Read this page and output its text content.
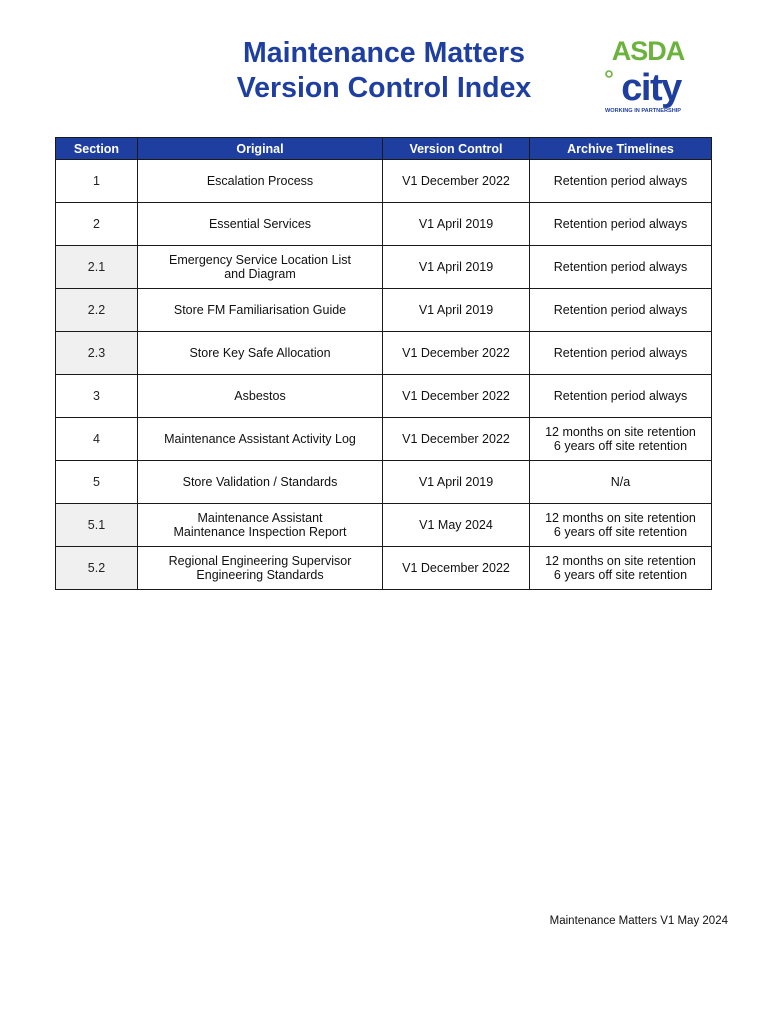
Maintenance Matters
Version Control Index
ASDA
city
WORKING IN PARTNERSHIP
Section	Original	Version Control	Archive Timelines
1	Escalation Process	V1 December 2022	Retention period always

2	Essential Services	V1 April 2019	Retention period always

2.1	Emergency Service Location List
and Diagram	V1 April 2019	Retention period always

2.2	Store FM Familiarisation Guide	V1 April 2019	Retention period always

2.3	Store Key Safe Allocation	V1 December 2022	Retention period always

3	Asbestos	V1 December 2022	Retention period always

4	Maintenance Assistant Activity Log	V1 December 2022	12 months on site retention
6 years off site retention

5	Store Validation / Standards	V1 April 2019	N/a

5.1	Maintenance Assistant
Maintenance Inspection Report	V1 May 2024	12 months on site retention
6 years off site retention

5.2	Regional Engineering Supervisor
Engineering Standards	V1 December 2022	12 months on site retention
6 years off site retention
Maintenance Matters V1 May 2024
